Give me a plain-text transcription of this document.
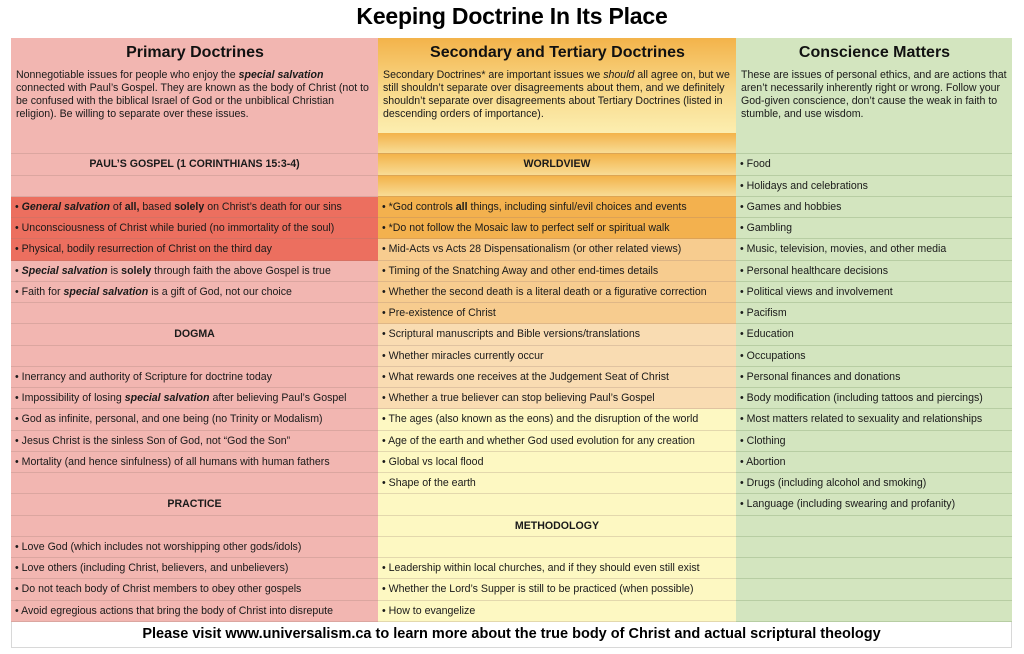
Keeping Doctrine In Its Place
Primary Doctrines

Nonnegotiable issues for people who enjoy the special salvation connected with Paul’s Gospel. They are known as the body of Christ (not to be confused with the biblical Israel of God or the unbiblical Christian religion). Be willing to separate over these issues.

PAUL’S GOSPEL (1 CORINTHIANS 15:3-4)
• General salvation of all, based solely on Christ’s death for our sins
• Unconsciousness of Christ while buried (no immortality of the soul)
• Physical, bodily resurrection of Christ on the third day
• Special salvation is solely through faith the above Gospel is true
• Faith for special salvation is a gift of God, not our choice
DOGMA
• Inerrancy and authority of Scripture for doctrine today
• Impossibility of losing special salvation after believing Paul’s Gospel
• God as infinite, personal, and one being (no Trinity or Modalism)
• Jesus Christ is the sinless Son of God, not “God the Son”
• Mortality (and hence sinfulness) of all humans with human fathers
PRACTICE
• Love God (which includes not worshipping other gods/idols)
• Love others (including Christ, believers, and unbelievers)
• Do not teach body of Christ members to obey other gospels
• Avoid egregious actions that bring the body of Christ into disrepute
Secondary and Tertiary Doctrines

Secondary Doctrines* are important issues we should all agree on, but we still shouldn’t separate over disagreements about them, and we definitely shouldn’t separate over disagreements about Tertiary Doctrines (listed in descending orders of importance).

WORLDVIEW
• *God controls all things, including sinful/evil choices and events
• *Do not follow the Mosaic law to perfect self or spiritual walk
• Mid-Acts vs Acts 28 Dispensationalism (or other related views)
• Timing of the Snatching Away and other end-times details
• Whether the second death is a literal death or a figurative correction
• Pre-existence of Christ
• Scriptural manuscripts and Bible versions/translations
• Whether miracles currently occur
• What rewards one receives at the Judgement Seat of Christ
• Whether a true believer can stop believing Paul’s Gospel
• The ages (also known as the eons) and the disruption of the world
• Age of the earth and whether God used evolution for any creation
• Global vs local flood
• Shape of the earth
METHODOLOGY
• Leadership within local churches, and if they should even still exist
• Whether the Lord’s Supper is still to be practiced (when possible)
• How to evangelize
Conscience Matters

These are issues of personal ethics, and are actions that aren’t necessarily inherently right or wrong. Follow your God-given conscience, don’t cause the weak in faith to stumble, and use wisdom.

• Food
• Holidays and celebrations
• Games and hobbies
• Gambling
• Music, television, movies, and other media
• Personal healthcare decisions
• Political views and involvement
• Pacifism
• Education
• Occupations
• Personal finances and donations
• Body modification (including tattoos and piercings)
• Most matters related to sexuality and relationships
• Clothing
• Abortion
• Drugs (including alcohol and smoking)
• Language (including swearing and profanity)
Please visit www.universalism.ca to learn more about the true body of Christ and actual scriptural theology
